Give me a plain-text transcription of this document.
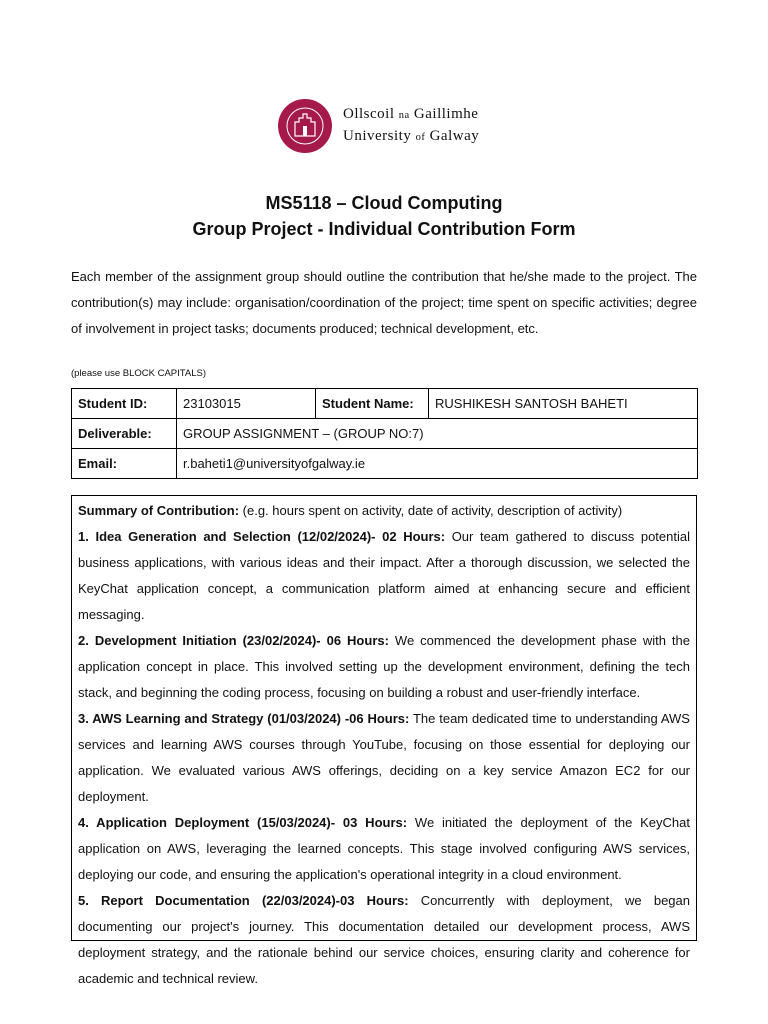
Ollscoil na Gaillimhe
University of Galway
MS5118 – Cloud Computing
Group Project - Individual Contribution Form
Each member of the assignment group should outline the contribution that he/she made to the project. The contribution(s) may include: organisation/coordination of the project; time spent on specific activities; degree of involvement in project tasks; documents produced; technical development, etc.
(please use BLOCK CAPITALS)
Student ID:	23103015	Student Name:	RUSHIKESH SANTOSH BAHETI
Deliverable:	GROUP ASSIGNMENT – (GROUP NO:7)		
Email:	r.baheti1@universityofgalway.ie		

Summary of Contribution: (e.g. hours spent on activity, date of activity, description of activity)

1. Idea Generation and Selection (12/02/2024)- 02 Hours: Our team gathered to discuss potential business applications, with various ideas and their impact. After a thorough discussion, we selected the KeyChat application concept, a communication platform aimed at enhancing secure and efficient messaging.

2. Development Initiation (23/02/2024)- 06 Hours: We commenced the development phase with the application concept in place. This involved setting up the development environment, defining the tech stack, and beginning the coding process, focusing on building a robust and user-friendly interface.

3. AWS Learning and Strategy (01/03/2024) -06 Hours: The team dedicated time to understanding AWS services and learning AWS courses through YouTube, focusing on those essential for deploying our application. We evaluated various AWS offerings, deciding on a key service Amazon EC2 for our deployment.

4. Application Deployment (15/03/2024)- 03 Hours: We initiated the deployment of the KeyChat application on AWS, leveraging the learned concepts. This stage involved configuring AWS services, deploying our code, and ensuring the application's operational integrity in a cloud environment.

5. Report Documentation (22/03/2024)-03 Hours: Concurrently with deployment, we began documenting our project's journey. This documentation detailed our development process, AWS deployment strategy, and the rationale behind our service choices, ensuring clarity and coherence for academic and technical review.
